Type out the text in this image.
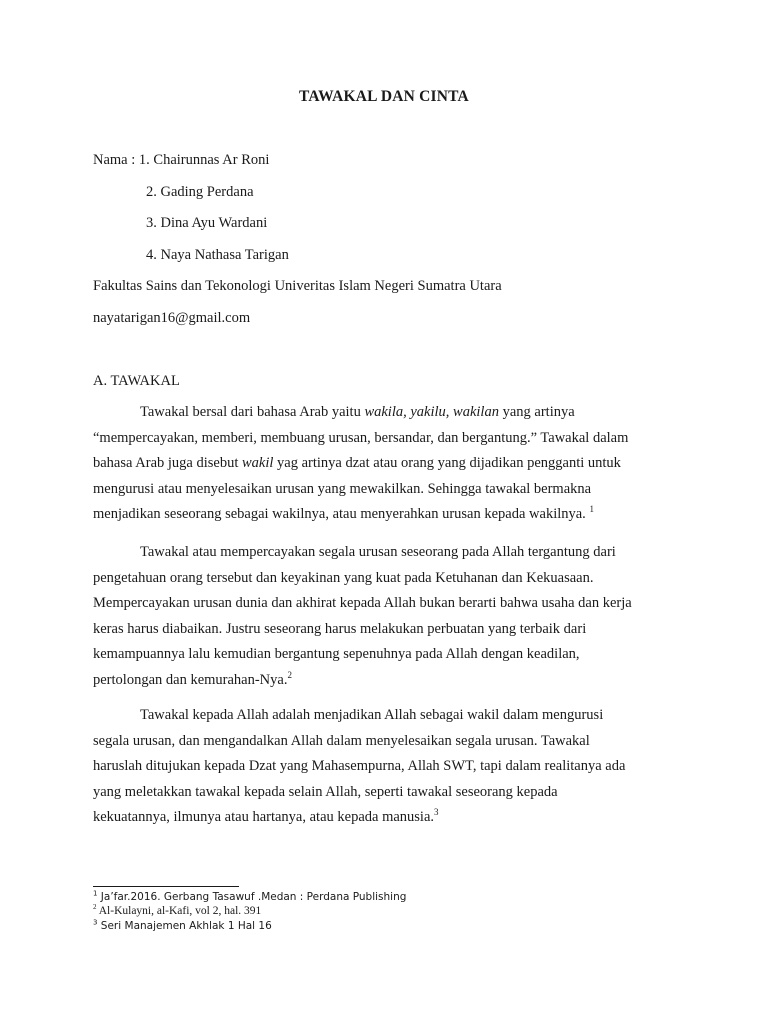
TAWAKAL DAN CINTA
Nama : 1. Chairunnas Ar Roni
2. Gading Perdana
3. Dina Ayu Wardani
4. Naya Nathasa Tarigan
Fakultas Sains dan Tekonologi Univeritas Islam Negeri Sumatra Utara
nayatarigan16@gmail.com
A. TAWAKAL
Tawakal bersal dari bahasa Arab yaitu wakila, yakilu, wakilan yang artinya
“mempercayakan, memberi, membuang urusan, bersandar, dan bergantung.” Tawakal dalam
bahasa Arab juga disebut wakil yag artinya dzat atau orang yang dijadikan pengganti untuk
mengurusi atau menyelesaikan urusan yang mewakilkan. Sehingga tawakal bermakna
menjadikan seseorang sebagai wakilnya, atau menyerahkan urusan kepada wakilnya. $^1$
Tawakal atau mempercayakan segala urusan seseorang pada Allah tergantung dari
pengetahuan orang tersebut dan keyakinan yang kuat pada Ketuhanan dan Kekuasaan.
Mempercayakan urusan dunia dan akhirat kepada Allah bukan berarti bahwa usaha dan kerja
keras harus diabaikan. Justru seseorang harus melakukan perbuatan yang terbaik dari
kemampuannya lalu kemudian bergantung sepenuhnya pada Allah dengan keadilan,
pertolongan dan kemurahan-Nya.$^2$
Tawakal kepada Allah adalah menjadikan Allah sebagai wakil dalam mengurusi
segala urusan, dan mengandalkan Allah dalam menyelesaikan segala urusan. Tawakal
haruslah ditujukan kepada Dzat yang Mahasempurna, Allah SWT, tapi dalam realitanya ada
yang meletakkan tawakal kepada selain Allah, seperti tawakal seseorang kepada
kekuatannya, ilmunya atau hartanya, atau kepada manusia.$^3$
$^1$ Ja’far.2016. Gerbang Tasawuf .Medan : Perdana Publishing
$^2$ Al-Kulayni, al-Kafi, vol 2, hal. 391
$^3$ Seri Manajemen Akhlak 1 Hal 16
